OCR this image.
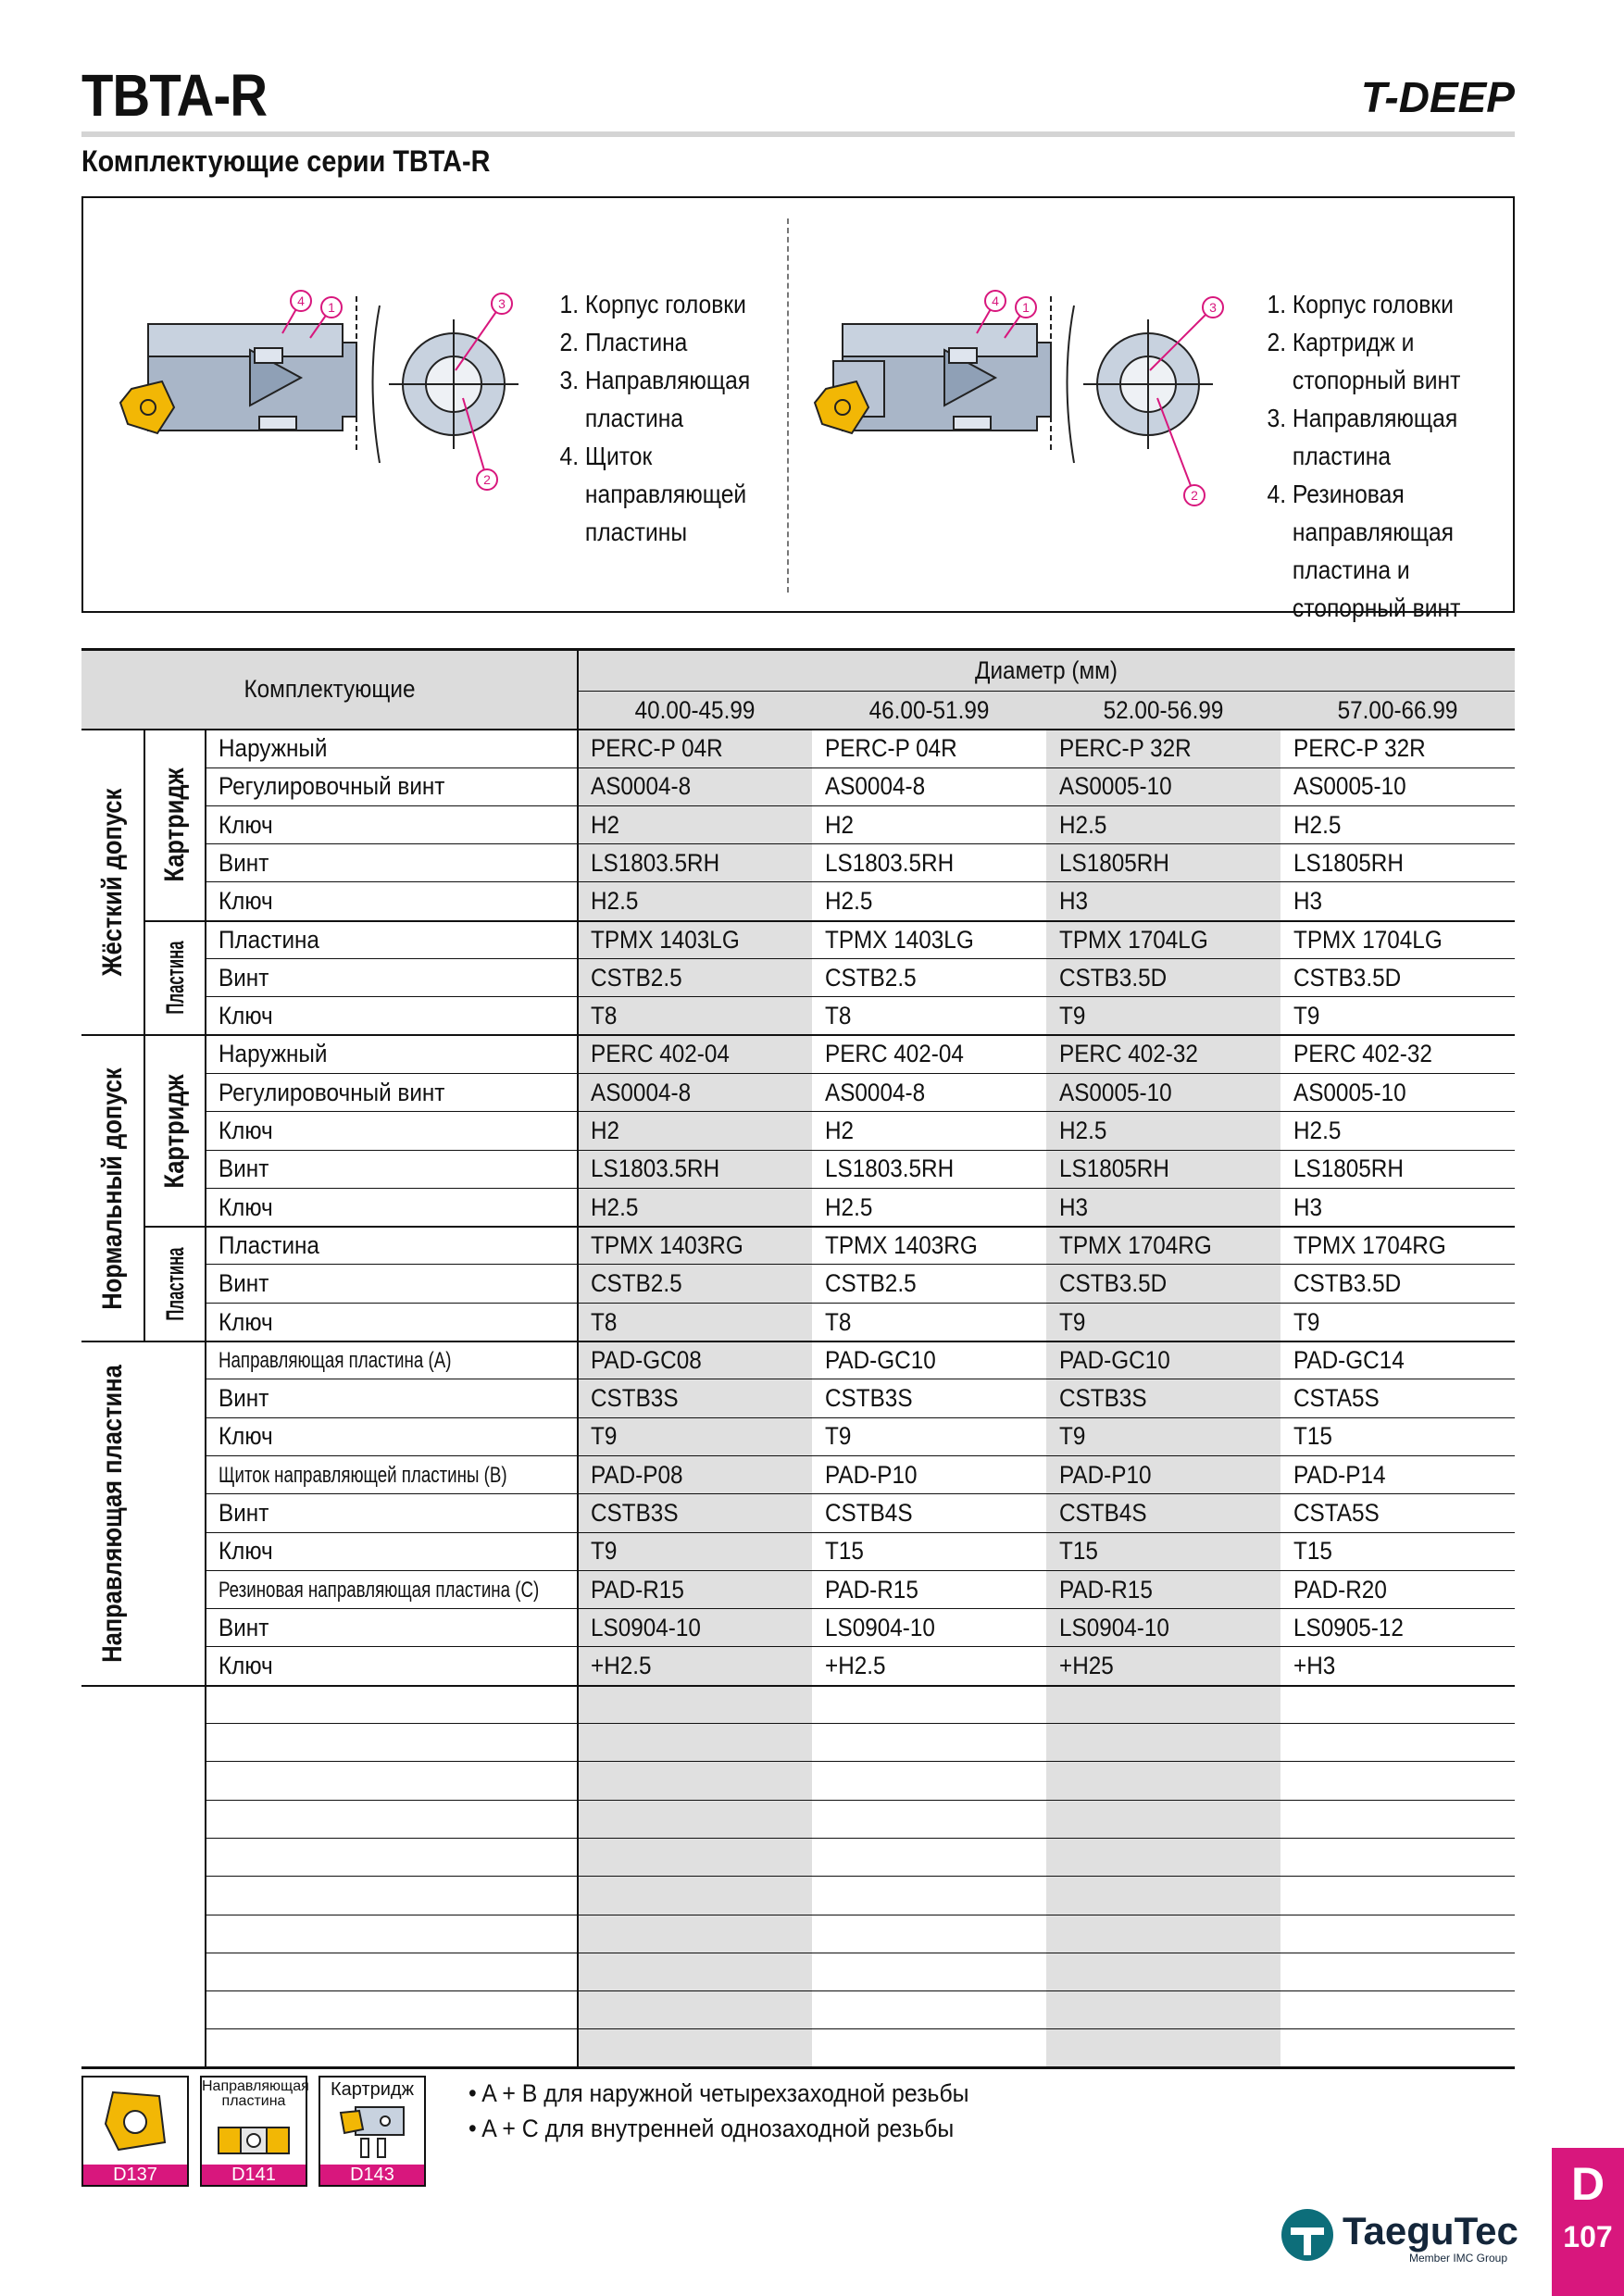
TBTA-R	T-DEEP
Комплектующие серии TBTA-R
4 1	3
2
1. Корпус головки
2. Пластина
3. Направляющая пластина
4. Щиток направляющей пластины
4 1	3
2
1. Корпус головки
2. Картридж и стопорный винт
3. Направляющая пластина
4. Резиновая направляющая пластина и стопорный винт
Комплектующие
Диаметр (мм)
40.00-45.99	46.00-51.99	52.00-56.99	57.00-66.99
Наружный	PERC-P 04R	PERC-P 04R	PERC-P 32R	PERC-P 32R
Регулировочный винт	AS0004-8	AS0004-8	AS0005-10	AS0005-10
Ключ	H2	H2	H2.5	H2.5
Винт	LS1803.5RH	LS1803.5RH	LS1805RH	LS1805RH
Ключ	H2.5	H2.5	H3	H3
Пластина	TPMX 1403LG	TPMX 1403LG	TPMX 1704LG	TPMX 1704LG
Винт	CSTB2.5	CSTB2.5	CSTB3.5D	CSTB3.5D
Ключ	T8	T8	T9	T9
Наружный	PERC 402-04	PERC 402-04	PERC 402-32	PERC 402-32
Регулировочный винт	AS0004-8	AS0004-8	AS0005-10	AS0005-10
Ключ	H2	H2	H2.5	H2.5
Винт	LS1803.5RH	LS1803.5RH	LS1805RH	LS1805RH
Ключ	H2.5	H2.5	H3	H3
Пластина	TPMX 1403RG	TPMX 1403RG	TPMX 1704RG	TPMX 1704RG
Винт	CSTB2.5	CSTB2.5	CSTB3.5D	CSTB3.5D
Ключ	T8	T8	T9	T9
Направляющая пластина (A)	PAD-GC08	PAD-GC10	PAD-GC10	PAD-GC14
Винт	CSTB3S	CSTB3S	CSTB3S	CSTA5S
Ключ	T9	T9	T9	T15
Щиток направляющей пластины (B)	PAD-P08	PAD-P10	PAD-P10	PAD-P14
Винт	CSTB3S	CSTB4S	CSTB4S	CSTA5S
Ключ	T9	T15	T15	T15
Резиновая направляющая пластина (C) PAD-R15	PAD-R15	PAD-R15	PAD-R20
Винт	LS0904-10	LS0904-10	LS0904-10	LS0905-12
Ключ	+H2.5	+H2.5	+H25	+H3
Картридж
Пластина
Жёсткий допуск
Картридж
Пластина
Нормальный допуск
Направляющая пластина
D137
Направляющая пластина
D141
Картридж
D143
• A + B для наружной четырехзаходной резьбы
• A + C для внутренней однозаходной резьбы
TaeguTec
Member IMC Group
D
107
